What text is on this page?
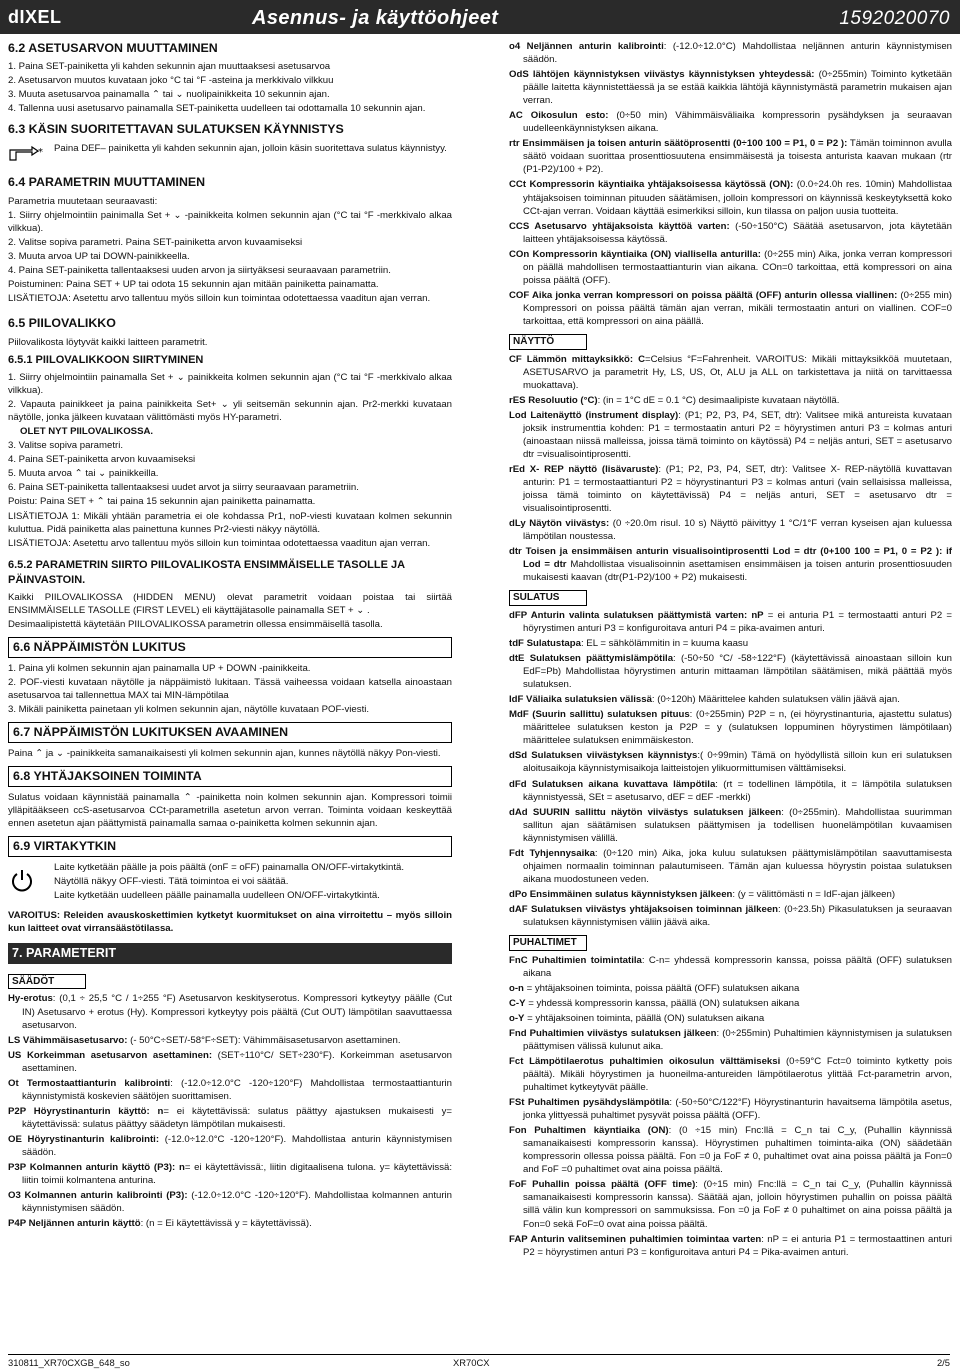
dIXEL	Asennus- ja käyttöohjeet	1592020070
6.2 ASETUSARVON MUUTTAMINEN

1. Paina SET-painiketta yli kahden sekunnin ajan muuttaaksesi asetusarvoa

2. Asetusarvon muutos kuvataan joko °C tai °F -asteina ja merkkivalo vilkkuu

3. Muuta asetusarvoa painamalla ⌃ tai ⌄ nuolipainikkeita 10 sekunnin ajan.

4. Tallenna uusi asetusarvo painamalla SET-painiketta uudelleen tai odottamalla 10 sekunnin ajan.

6.3 KÄSIN SUORITETTAVAN SULATUKSEN KÄYNNISTYS
* Paina DEF– painiketta yli kahden sekunnin ajan, jolloin käsin suoritettava sulatus käynnistyy.

6.4 PARAMETRIN MUUTTAMINEN

Parametria muutetaan seuraavasti:

1. Siirry ohjelmointiin painimalla Set + ⌄ -painikkeita kolmen sekunnin ajan (°C tai °F -merkkivalo alkaa vilkkua).

2. Valitse sopiva parametri. Paina SET-painiketta arvon kuvaamiseksi

3. Muuta arvoa UP tai DOWN-painikkeella.

4. Paina SET-painiketta tallentaaksesi uuden arvon ja siirtyäksesi seuraavaan parametriin.

Poistuminen: Paina SET + UP tai odota 15 sekunnin ajan mitään painiketta painamatta.

LISÄTIETOJA: Asetettu arvo tallentuu myös silloin kun toimintaa odotettaessa vaaditun ajan verran.

6.5 PIILOVALIKKO

Piilovalikosta löytyvät kaikki laitteen parametrit.

6.5.1 PIILOVALIKKOON SIIRTYMINEN

1. Siirry ohjelmointiin painamalla Set + ⌄ painikkeita kolmen sekunnin ajan (°C tai °F -merkkivalo alkaa vilkkua).

2. Vapauta painikkeet ja paina painikkeita Set+ ⌄ yli seitsemän sekunnin ajan. Pr2-merkki kuvataan näytölle, jonka jälkeen kuvataan välittömästi myös HY-parametri.

OLET NYT PIILOVALIKOSSA.

3. Valitse sopiva parametri.

4. Paina SET-painiketta arvon kuvaamiseksi

5. Muuta arvoa ⌃ tai ⌄ painikkeilla.

6. Paina SET-painiketta tallentaaksesi uudet arvot ja siirry seuraavaan parametriin.

Poistu: Paina SET + ⌃ tai paina 15 sekunnin ajan painiketta painamatta.

LISÄTIETOJA 1: Mikäli yhtään parametria ei ole kohdassa Pr1, noP-viesti kuvataan kolmen sekunnin kuluttua. Pidä painiketta alas painettuna kunnes Pr2-viesti näkyy näytöllä.

LISÄTIETOJA: Asetettu arvo tallentuu myös silloin kun toimintaa odotettaessa vaaditun ajan verran.

6.5.2 PARAMETRIN SIIRTO PIILOVALIKOSTA ENSIMMÄISELLE TASOLLE JA PÄINVASTOIN.

Kaikki PIILOVALIKOSSA (HIDDEN MENU) olevat parametrit voidaan poistaa tai siirtää ENSIMMÄISELLE TASOLLE (FIRST LEVEL) eli käyttäjätasolle painamalla SET + ⌄ .

Desimaalipistettä käytetään PIILOVALIKOSSA parametrin ollessa ensimmäisellä tasolla.

6.6 NÄPPÄIMISTÖN LUKITUS

1. Paina yli kolmen sekunnin ajan painamalla UP + DOWN -painikkeita.

2. POF-viesti kuvataan näytölle ja näppäimistö lukitaan. Tässä vaiheessa voidaan katsella ainoastaan asetusarvoa tai tallennettua MAX tai MIN-lämpötilaa

3. Mikäli painiketta painetaan yli kolmen sekunnin ajan, näytölle kuvataan POF-viesti.

6.7 NÄPPÄIMISTÖN LUKITUKSEN AVAAMINEN

Paina ⌃ ja ⌄ -painikkeita samanaikaisesti yli kolmen sekunnin ajan, kunnes näytöllä näkyy Pon-viesti.

6.8 YHTÄJAKSOINEN TOIMINTA

Sulatus voidaan käynnistää painamalla ⌃ -painiketta noin kolmen sekunnin ajan. Kompressori toimii ylläpitääkseen ccS-asetusarvoa CCt-parametrilla asetetun arvon verran. Toiminta voidaan keskeyttää ennen asetetun ajan päättymistä painamalla samaa o-painiketta kolmen sekunnin ajan.

6.9 VIRTAKYTKIN

Laite kytketään päälle ja pois päältä (onF = oFF) painamalla ON/OFF-virtakytkintä.

Näytöllä näkyy OFF-viesti. Tätä toimintoa ei voi säätää.

Laite kytketään uudelleen päälle painamalla uudelleen ON/OFF-virtakytkintä.

VAROITUS: Releiden avauskoskettimien kytketyt kuormitukset on aina virroitettu – myös silloin kun laitteet ovat virransäästötilassa.

7. PARAMETERIT
SÄÄDÖT

Hy-erotus: (0,1 ÷ 25,5 °C / 1÷255 °F) Asetusarvon keskityserotus. Kompressori kytkeytyy päälle (Cut IN) Asetusarvo + erotus (Hy). Kompressori kytkeytyy pois päältä (Cut OUT) lämpötilan saavuttaessa asetusarvon.

LS Vähimmäisasetusarvo: (- 50°C÷SET/-58°F÷SET): Vähimmäisasetusarvon asettaminen.

US Korkeimman asetusarvon asettaminen: (SET÷110°C/ SET÷230°F). Korkeimman asetusarvon asettaminen.

Ot Termostaattianturin kalibrointi: (-12.0÷12.0°C -120÷120°F) Mahdollistaa termostaattianturin käynnistymistä koskevien säätöjen suorittamisen.

P2P Höyrystinanturin käyttö: n= ei käytettävissä: sulatus päättyy ajastuksen mukaisesti y= käytettävissä: sulatus päättyy säädetyn lämpötilan mukaisesti.

OE Höyrystinanturin kalibrointi: (-12.0÷12.0°C -120÷120°F). Mahdollistaa anturin käynnistymisen säädön.

P3P Kolmannen anturin käyttö (P3): n= ei käytettävissä:, liitin digitaalisena tulona. y= käytettävissä: liitin toimii kolmantena anturina.

O3 Kolmannen anturin kalibrointi (P3): (-12.0÷12.0°C -120÷120°F). Mahdollistaa kolmannen anturin käynnistymisen säädön.

P4P Neljännen anturin käyttö: (n = Ei käytettävissä y = käytettävissä).

o4 Neljännen anturin kalibrointi: (-12.0÷12.0°C) Mahdollistaa neljännen anturin käynnistymisen säädön.

OdS lähtöjen käynnistyksen viivästys käynnistyksen yhteydessä: (0÷255min) Toiminto kytketään päälle laitetta käynnistettäessä ja se estää kaikkia lähtöjä käynnistymästä parametrin mukaisen ajan verran.

AC Oikosulun esto: (0÷50 min) Vähimmäisväliaika kompressorin pysähdyksen ja seuraavan uudelleenkäynnistyksen aikana.

rtr Ensimmäisen ja toisen anturin säätöprosentti (0÷100 100 = P1, 0 = P2 ): Tämän toiminnon avulla säätö voidaan suorittaa prosenttiosuutena ensimmäisestä ja toisesta anturista kaavan mukaan (rtr (P1-P2)/100 + P2).

CCt Kompressorin käyntiaika yhtäjaksoisessa käytössä (ON): (0.0÷24.0h res. 10min) Mahdollistaa yhtäjaksoisen toiminnan pituuden säätämisen, jolloin kompressori on käynnissä keskeytyksettä koko CCt-ajan verran. Voidaan käyttää esimerkiksi silloin, kun tilassa on paljon uusia tuotteita.

CCS Asetusarvo yhtäjaksoista käyttöä varten: (-50÷150°C) Säätää asetusarvon, jota käytetään laitteen yhtäjaksoisessa käytössä.

COn Kompressorin käyntiaika (ON) viallisella anturilla: (0÷255 min) Aika, jonka verran kompressori on päällä mahdollisen termostaattianturin vian aikana. COn=0 tarkoittaa, että kompressori on aina poissa päältä (OFF).

COF Aika jonka verran kompressori on poissa päältä (OFF) anturin ollessa viallinen: (0÷255 min) Kompressori on poissa päältä tämän ajan verran, mikäli termostaatin anturi on viallinen. COF=0 tarkoittaa, että kompressori on aina päällä.

NÄYTTÖ

CF Lämmön mittayksikkö: C=Celsius °F=Fahrenheit. VAROITUS: Mikäli mittayksikköä muutetaan, ASETUSARVO ja parametrit Hy, LS, US, Ot, ALU ja ALL on tarkistettava ja niitä on tarvittaessa muokattava).

rES Resoluutio (°C): (in = 1°C dE = 0.1 °C) desimaalipiste kuvataan näytöllä.

Lod Laitenäyttö (instrument display): (P1; P2, P3, P4, SET, dtr): Valitsee mikä antureista kuvataan joksik instrumenttia kohden: P1 = termostaatin anturi P2 = höyrystimen anturi P3 = kolmas anturi (ainoastaan niissä malleissa, joissa tämä toiminto on käytössä) P4 = neljäs anturi, SET = asetusarvo dtr =visualisointiprosentti.

rEd X- REP näyttö (lisävaruste): (P1; P2, P3, P4, SET, dtr): Valitsee X- REP-näytöllä kuvattavan anturin: P1 = termostaattianturi P2 = höyrystinanturi P3 = kolmas anturi (vain sellaisissa malleissa, joissa tämä toiminto on käytettävissä) P4 = neljäs anturi, SET = asetusarvo dtr = visualisointiprosentti.

dLy Näytön viivästys: (0 ÷20.0m risul. 10 s) Näyttö päivittyy 1 °C/1°F verran kyseisen ajan kuluessa lämpötilan noustessa.

dtr Toisen ja ensimmäisen anturin visualisointiprosentti Lod = dtr (0+100 100 = P1, 0 = P2 ): if Lod = dtr Mahdollistaa visualisoinnin asettamisen ensimmäisen ja toisen anturin prosenttiosuuden mukaisesti kaavan (dtr(P1-P2)/100 + P2) mukaisesti.

SULATUS

dFP Anturin valinta sulatuksen päättymistä varten: nP = ei anturia P1 = termostaatti anturi P2 = höyrystimen anturi P3 = konfiguroitava anturi P4 = pika-avaimen anturi.

tdF Sulatustapa: EL = sähkölämmitin in = kuuma kaasu

dtE Sulatuksen päättymislämpötila: (-50÷50 °C/ -58÷122°F) (käytettävissä ainoastaan silloin kun EdF=Pb) Mahdollistaa höyrystimen anturin mittaaman lämpötilan säätämisen, mikä päättää myös sulatuksen.

IdF Väliaika sulatuksien välissä: (0÷120h) Määrittelee kahden sulatuksen välin jäävä ajan.

MdF (Suurin sallittu) sulatuksen pituus: (0÷255min) P2P = n, (ei höyrystinanturia, ajastettu sulatus) määrittelee sulatuksen keston ja P2P = y (sulatuksen loppuminen höyrystimen lämpötilaan) määrittelee sulatuksen enimmäiskeston.

dSd Sulatuksen viivästyksen käynnistys:( 0÷99min) Tämä on hyödyllistä silloin kun eri sulatuksen aloitusaikoja käynnistymisaikoja laitteistojen ylikuormittumisen välttämiseksi.

dFd Sulatuksen aikana kuvattava lämpötila: (rt = todellinen lämpötila, it = lämpötila sulatuksen käynnistyessä, SEt = asetusarvo, dEF = dEF -merkki)

dAd SUURIN sallittu näytön viivästys sulatuksen jälkeen: (0÷255min). Mahdollistaa suurimman sallitun ajan säätämisen sulatuksen päättymisen ja todellisen huonelämpötilan kuvaamisen käynnistymisen välillä.

Fdt Tyhjennysaika: (0÷120 min) Aika, joka kuluu sulatuksen päättymislämpötilan saavuttamisesta ohjaimen normaalin toiminnan palautumiseen. Tämän ajan kuluessa höyrystin poistaa sulatuksen aikana muodostuneen veden.

dPo Ensimmäinen sulatus käynnistyksen jälkeen: (y = välittömästi n = IdF-ajan jälkeen)

dAF Sulatuksen viivästys yhtäjaksoisen toiminnan jälkeen: (0÷23.5h) Pikasulatuksen ja seuraavan sulatuksen käynnistymisen väliin jäävä aika.

PUHALTIMET

FnC Puhaltimien toimintatila: C-n= yhdessä kompressorin kanssa, poissa päältä (OFF) sulatuksen aikana

o-n = yhtäjaksoinen toiminta, poissa päältä (OFF) sulatuksen aikana

C-Y = yhdessä kompressorin kanssa, päällä (ON) sulatuksen aikana

o-Y = yhtäjaksoinen toiminta, päällä (ON) sulatuksen aikana

Fnd Puhaltimien viivästys sulatuksen jälkeen: (0÷255min) Puhaltimien käynnistymisen ja sulatuksen päättymisen välissä kulunut aika.

Fct Lämpötilaerotus puhaltimien oikosulun välttämiseksi (0÷59°C Fct=0 toiminto kytketty pois päältä). Mikäli höyrystimen ja huoneilma-antureiden lämpötilaerotus ylittää Fct-parametrin arvon, puhaltimet kytkeytyvät päälle.

FSt Puhaltimen pysähdyslämpötila: (-50÷50°C/122°F) Höyrystinanturin havaitsema lämpötila asetus, jonka ylittyessä puhaltimet pysyvät poissa päältä (OFF).

Fon Puhaltimen käyntiaika (ON): (0 ÷15 min) Fnc:llä = C_n tai C_y, (Puhallin käynnissä samanaikaisesti kompressorin kanssa). Höyrystimen puhaltimen toiminta-aika (ON) säädetään kompressorin ollessa poissa päältä. Fon =0 ja FoF ≠ 0, puhaltimet ovat aina poissa päältä ja Fon=0 and FoF =0 puhaltimet ovat aina poissa päältä.

FoF Puhallin poissa päältä (OFF time): (0÷15 min) Fnc:llä = C_n tai C_y, (Puhallin käynnissä samanaikaisesti kompressorin kanssa). Säätää ajan, jolloin höyrystimen puhallin on poissa päältä sillä välin kun kompressori on sammuksissa. Fon =0 ja FoF ≠ 0 puhaltimet on aina poissa päältä ja Fon=0 sekä FoF=0 ovat aina poissa päältä.

FAP Anturin valitseminen puhaltimien toimintaa varten: nP = ei anturia P1 = termostaattinen anturi P2 = höyrystimen anturi P3 = konfiguroitava anturi P4 = Pika-avaimen anturi.

310811_XR70CXGB_648_so	XR70CX	2/5
